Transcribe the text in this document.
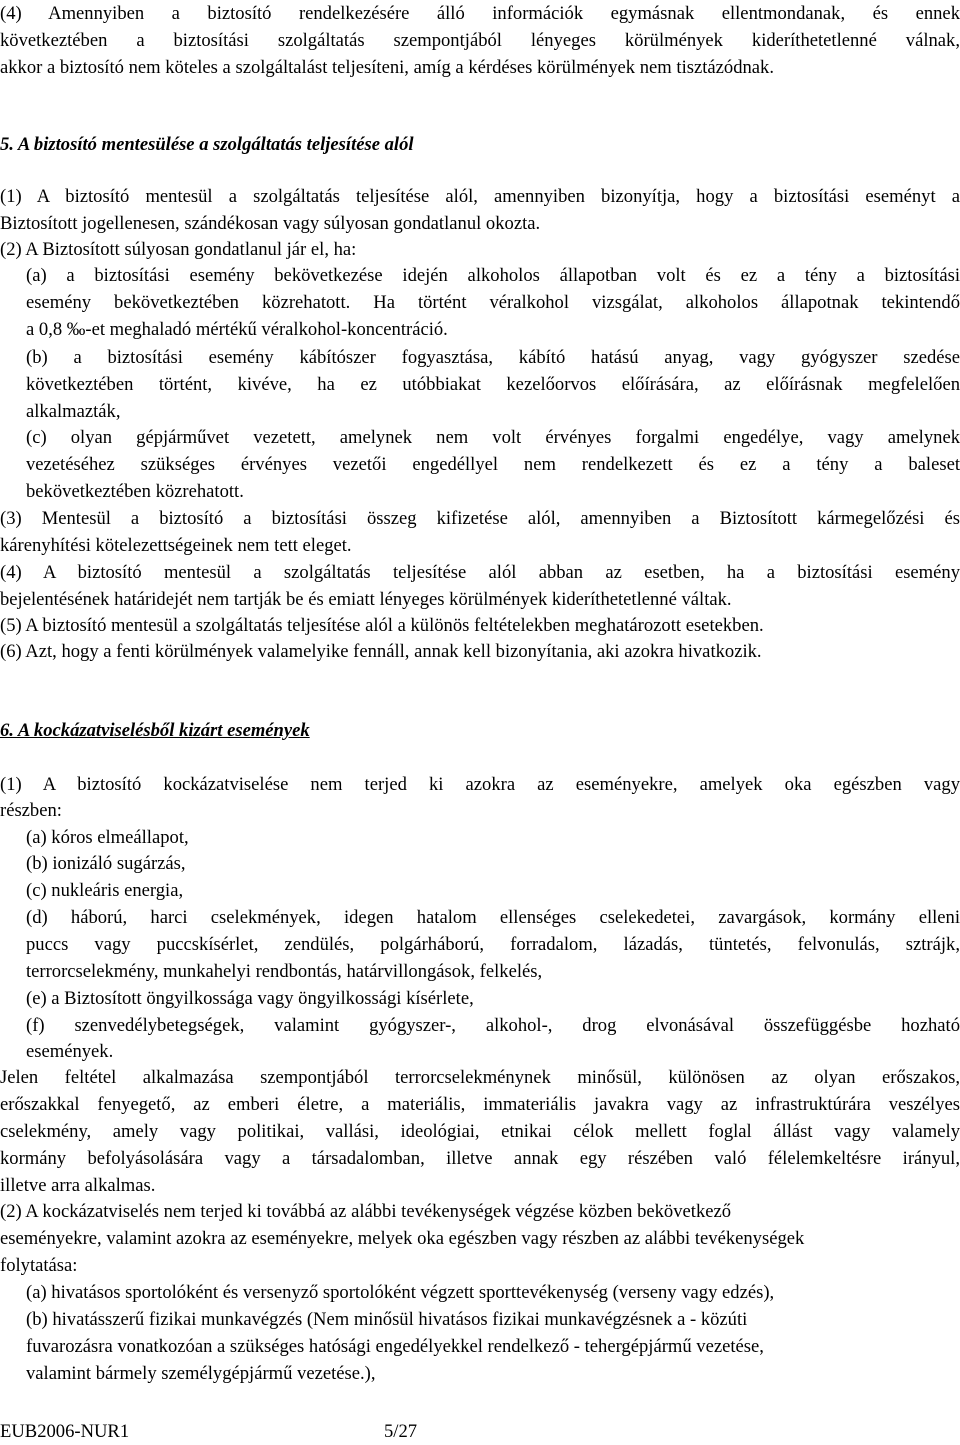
(4) Amennyiben a biztosító rendelkezésére álló információk egymásnak ellentmondanak, és ennek

következtében a biztosítási szolgáltatás szempontjából lényeges körülmények kideríthetetlenné válnak,

akkor a biztosító nem köteles a szolgáltalást teljesíteni, amíg a kérdéses körülmények nem tisztázódnak.

5. A biztosító mentesülése a szolgáltatás teljesítése alól

(1) A biztosító mentesül a szolgáltatás teljesítése alól, amennyiben bizonyítja, hogy a biztosítási eseményt a

Biztosított jogellenesen, szándékosan vagy súlyosan gondatlanul okozta.

(2) A Biztosított súlyosan gondatlanul jár el, ha:

(a) a biztosítási esemény bekövetkezése idején alkoholos állapotban volt és ez a tény a biztosítási

esemény bekövetkeztében közrehatott. Ha történt véralkohol vizsgálat, alkoholos állapotnak tekintendő

a 0,8 ‰-et meghaladó mértékű véralkohol-koncentráció.

(b) a biztosítási esemény kábítószer fogyasztása, kábító hatású anyag, vagy gyógyszer szedése

következtében történt, kivéve, ha ez utóbbiakat kezelőorvos előírására, az előírásnak megfelelően

alkalmazták,

(c) olyan gépjárművet vezetett, amelynek nem volt érvényes forgalmi engedélye, vagy amelynek

vezetéséhez szükséges érvényes vezetői engedéllyel nem rendelkezett és ez a tény a baleset

bekövetkeztében közrehatott.

(3) Mentesül a biztosító a biztosítási összeg kifizetése alól, amennyiben a Biztosított kármegelőzési és

kárenyhítési kötelezettségeinek nem tett eleget.

(4) A biztosító mentesül a szolgáltatás teljesítése alól abban az esetben, ha a biztosítási esemény

bejelentésének határidejét nem tartják be és emiatt lényeges körülmények kideríthetetlenné váltak.

(5) A biztosító mentesül a szolgáltatás teljesítése alól a különös feltételekben meghatározott esetekben.

(6) Azt, hogy a fenti körülmények valamelyike fennáll, annak kell bizonyítania, aki azokra hivatkozik.

6. A kockázatviselésből kizárt események

(1) A biztosító kockázatviselése nem terjed ki azokra az eseményekre, amelyek oka egészben vagy

részben:

(a) kóros elmeállapot,

(b) ionizáló sugárzás,

(c) nukleáris energia,

(d) háború, harci cselekmények, idegen hatalom ellenséges cselekedetei, zavargások, kormány elleni

puccs vagy puccskísérlet, zendülés, polgárháború, forradalom, lázadás, tüntetés, felvonulás, sztrájk,

terrorcselekmény, munkahelyi rendbontás, határvillongások, felkelés,

(e) a Biztosított öngyilkossága vagy öngyilkossági kísérlete,

(f) szenvedélybetegségek, valamint gyógyszer-, alkohol-, drog elvonásával összefüggésbe hozható

események.

Jelen feltétel alkalmazása szempontjából terrorcselekménynek minősül, különösen az olyan erőszakos,

erőszakkal fenyegető, az emberi életre, a materiális, immateriális javakra vagy az infrastruktúrára veszélyes

cselekmény, amely vagy politikai, vallási, ideológiai, etnikai célok mellett foglal állást vagy valamely

kormány befolyásolására vagy a társadalomban, illetve annak egy részében való félelemkeltésre irányul,

illetve arra alkalmas.

(2) A kockázatviselés nem terjed ki továbbá az alábbi tevékenységek végzése közben bekövetkező

eseményekre, valamint azokra az eseményekre, melyek oka egészben vagy részben az alábbi tevékenységek

folytatása:

(a) hivatásos sportolóként és versenyző sportolóként végzett sporttevékenység (verseny vagy edzés),

(b) hivatásszerű fizikai munkavégzés (Nem minősül hivatásos fizikai munkavégzésnek a - közúti

fuvarozásra vonatkozóan a szükséges hatósági engedélyekkel rendelkező - tehergépjármű vezetése,

valamint bármely személygépjármű vezetése.),

EUB2006-NUR1	5/27
